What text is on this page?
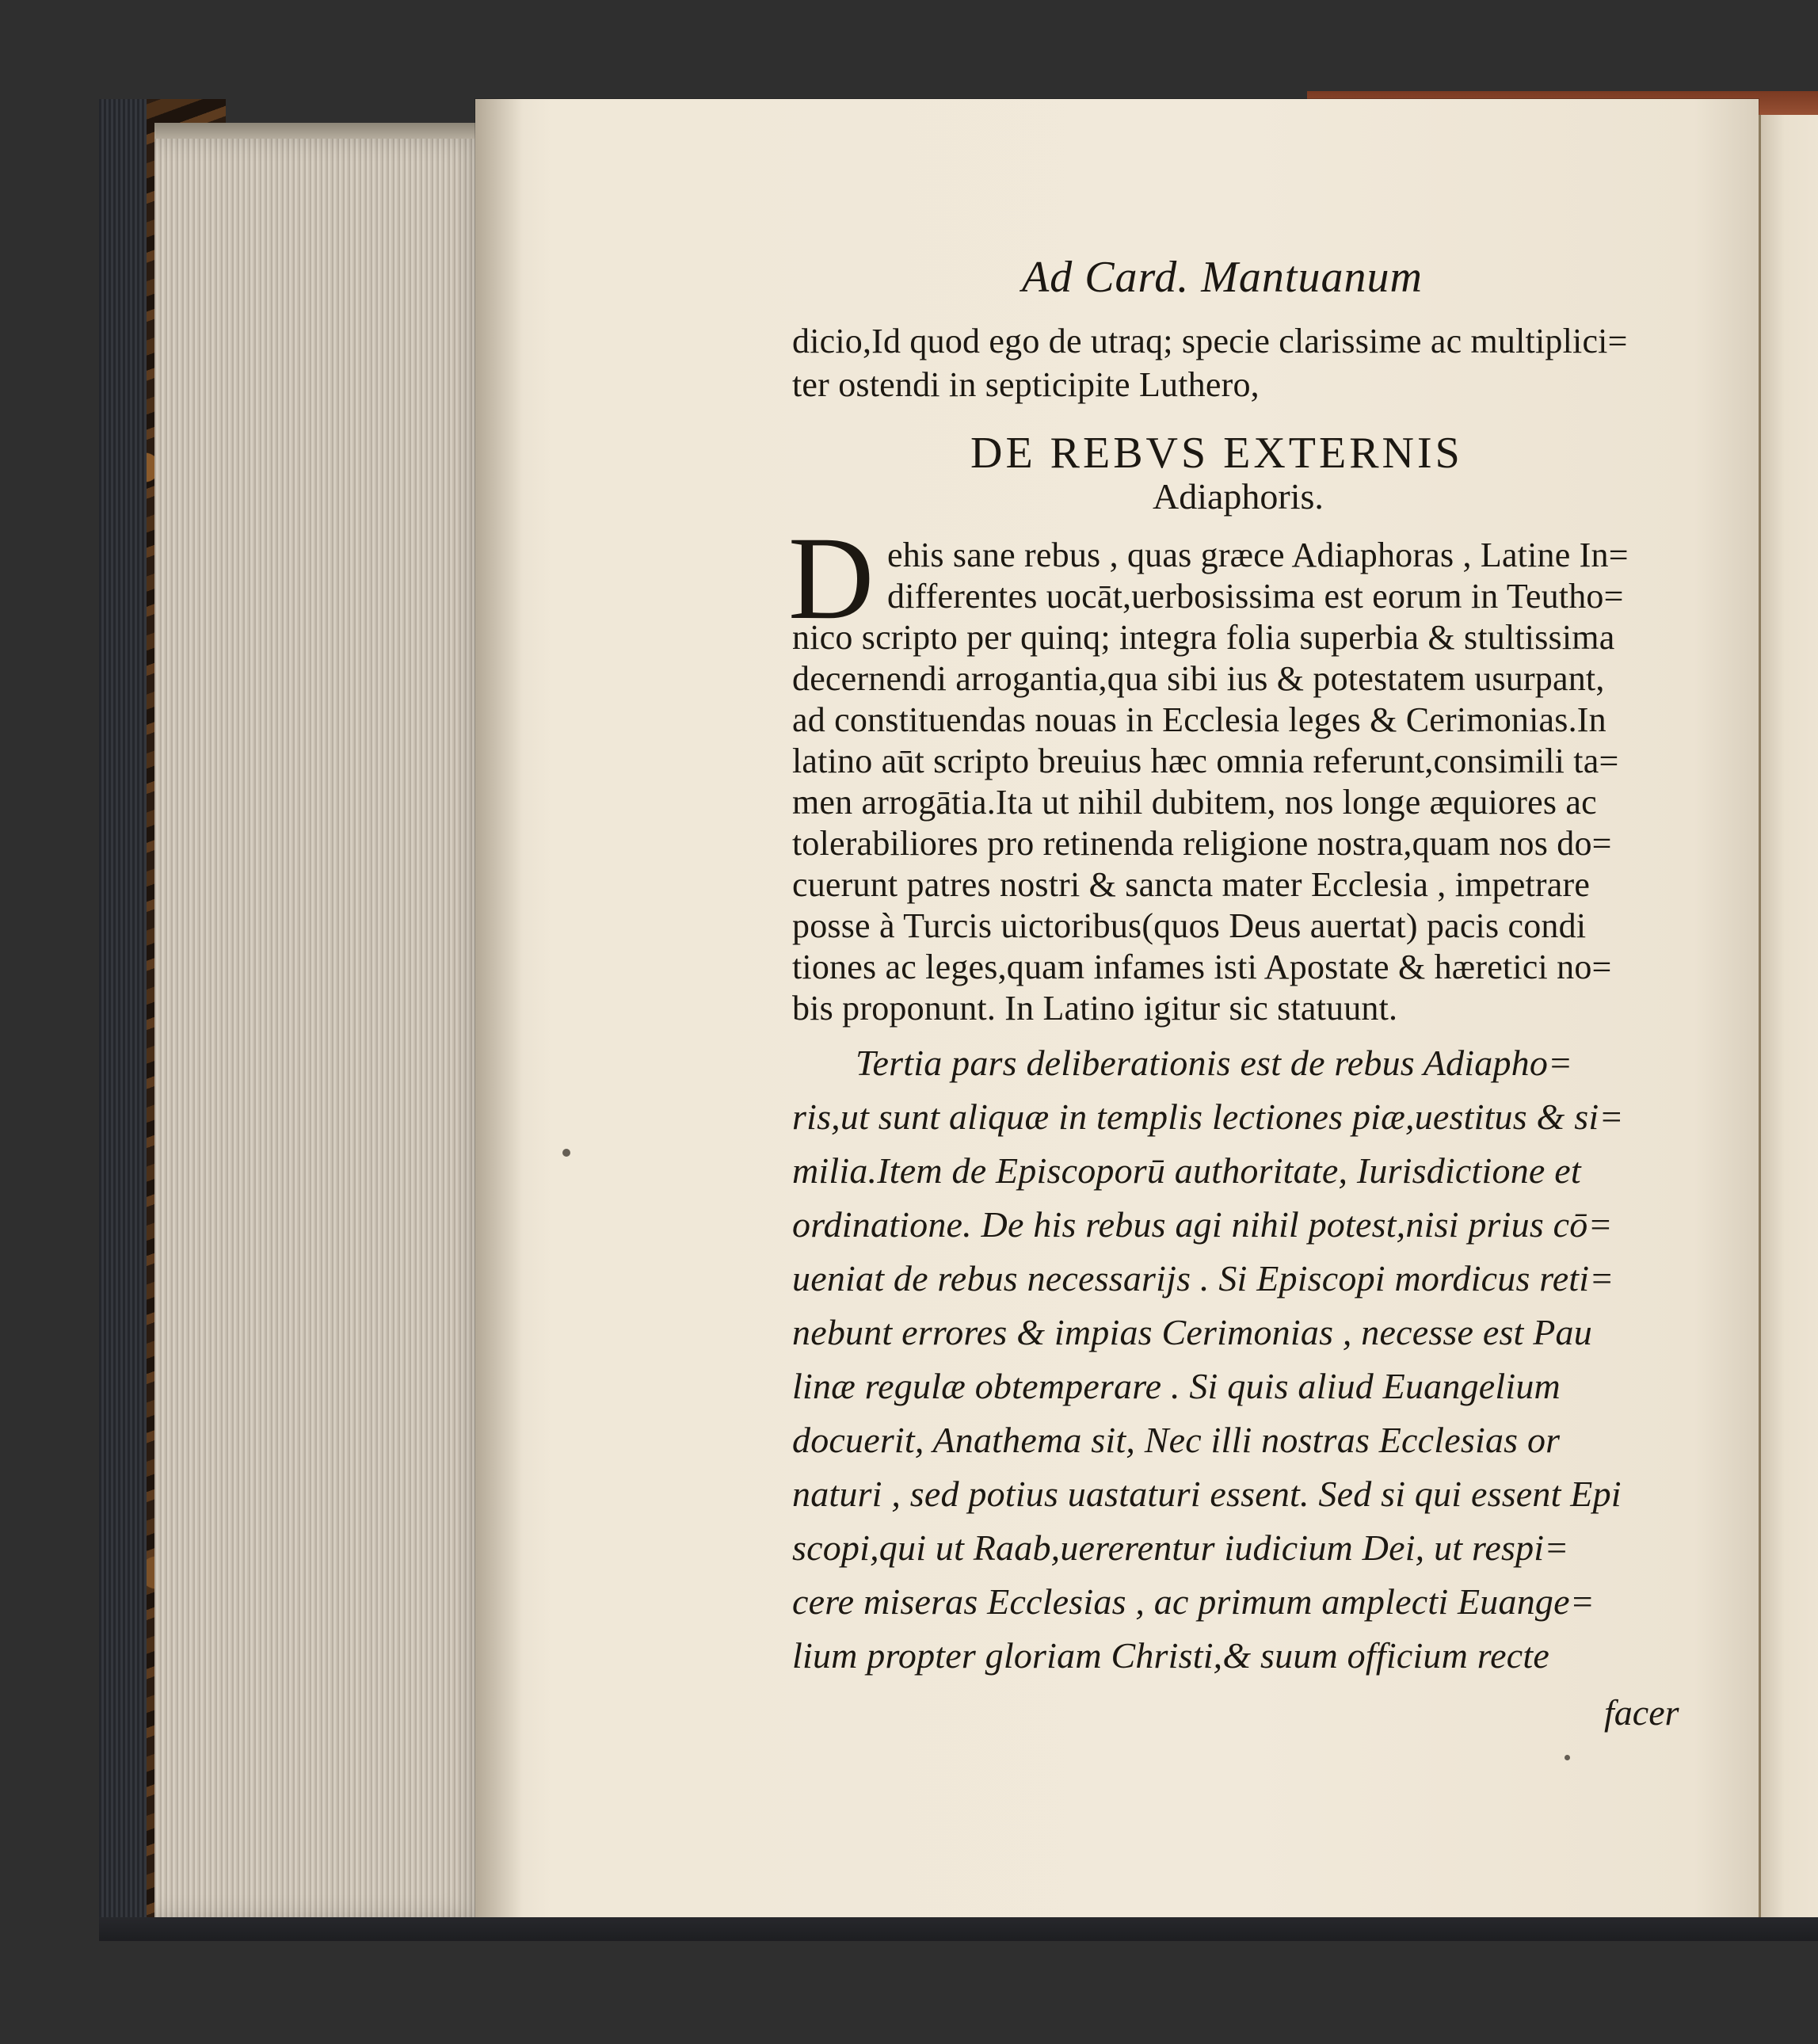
Ad Card. Mantuanum
dicio,Id quod ego de utraq; specie clarissime ac multiplici=
ter ostendi in septicipite Luthero,
DE REBVS EXTERNIS
Adiaphoris.
D ehis sane rebus , quas græce Adiaphoras , Latine In=
differentes uocāt,uerbosissima est eorum in Teutho=
nico scripto per quinq; integra folia superbia & stultissima
decernendi arrogantia,qua sibi ius & potestatem usurpant,
ad constituendas nouas in Ecclesia leges & Cerimonias.In
latino aūt scripto breuius hæc omnia referunt,consimili ta=
men arrogātia.Ita ut nihil dubitem, nos longe æquiores ac
tolerabiliores pro retinenda religione nostra,quam nos do=
cuerunt patres nostri & sancta mater Ecclesia , impetrare
posse à Turcis uictoribus(quos Deus auertat) pacis condi
tiones ac leges,quam infames isti Apostate & hæretici no=
bis proponunt. In Latino igitur sic statuunt.
Tertia pars deliberationis est de rebus Adiapho=
ris,ut sunt aliquæ in templis lectiones piæ,uestitus & si=
milia.Item de Episcoporū authoritate, Iurisdictione et
ordinatione. De his rebus agi nihil potest,nisi prius cō=
ueniat de rebus necessarijs . Si Episcopi mordicus reti=
nebunt errores & impias Cerimonias , necesse est Pau
linæ regulæ obtemperare . Si quis aliud Euangelium
docuerit, Anathema sit, Nec illi nostras Ecclesias or
naturi , sed potius uastaturi essent. Sed si qui essent Epi
scopi,qui ut Raab,uererentur iudicium Dei, ut respi=
cere miseras Ecclesias , ac primum amplecti Euange=
lium propter gloriam Christi,& suum officium recte
facer
